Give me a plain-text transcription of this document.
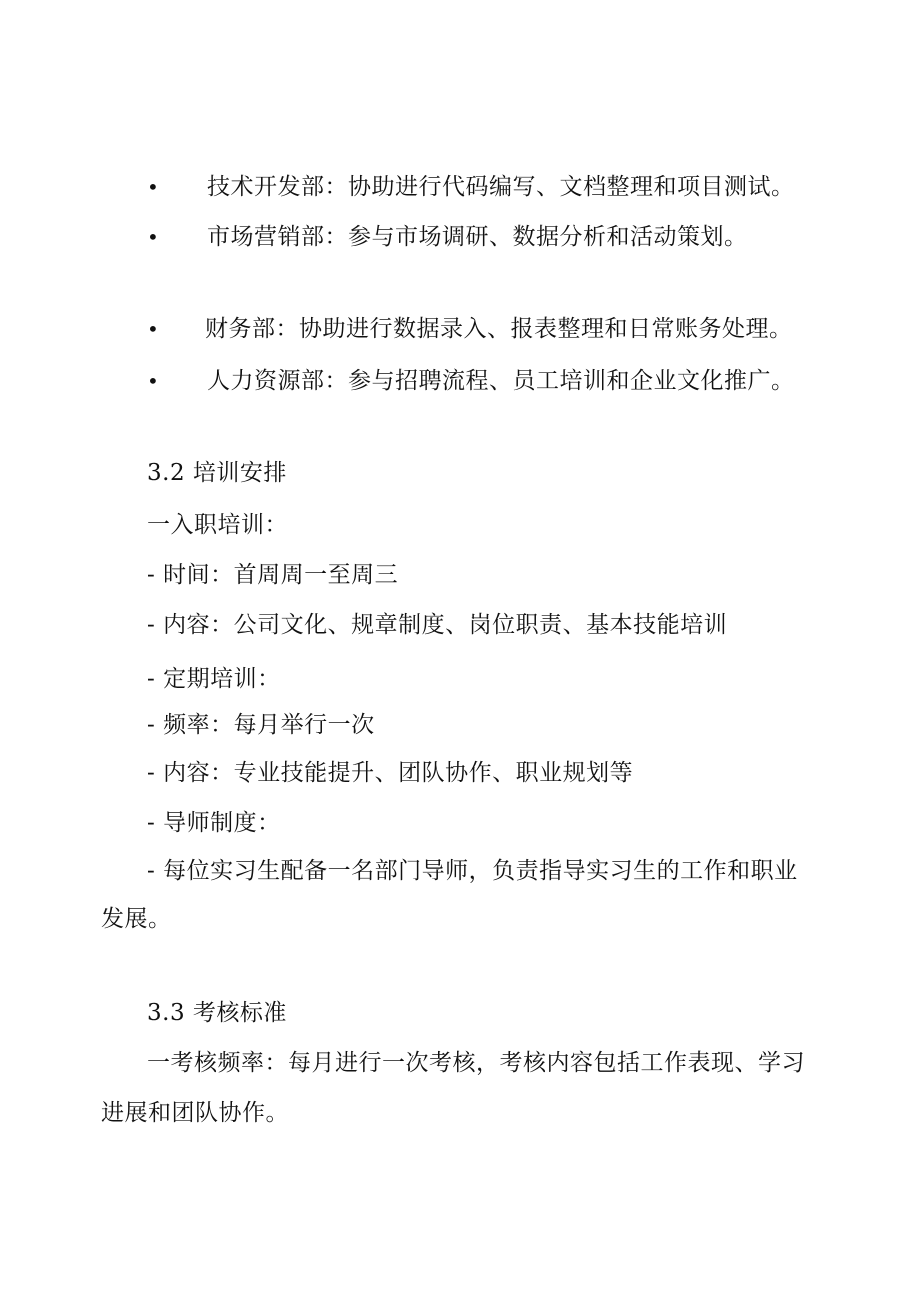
• 技术开发部：协助进行代码编写、文档整理和项目测试。
• 市场营销部：参与市场调研、数据分析和活动策划。
• 财务部：协助进行数据录入、报表整理和日常账务处理。
• 人力资源部：参与招聘流程、员工培训和企业文化推广。
3.2 培训安排
一入职培训：
- 时间：首周周一至周三
- 内容：公司文化、规章制度、岗位职责、基本技能培训
- 定期培训：
- 频率：每月举行一次
- 内容：专业技能提升、团队协作、职业规划等
- 导师制度：
- 每位实习生配备一名部门导师，负责指导实习生的工作和职业
发展。
3.3 考核标准
一考核频率：每月进行一次考核，考核内容包括工作表现、学习
进展和团队协作。
